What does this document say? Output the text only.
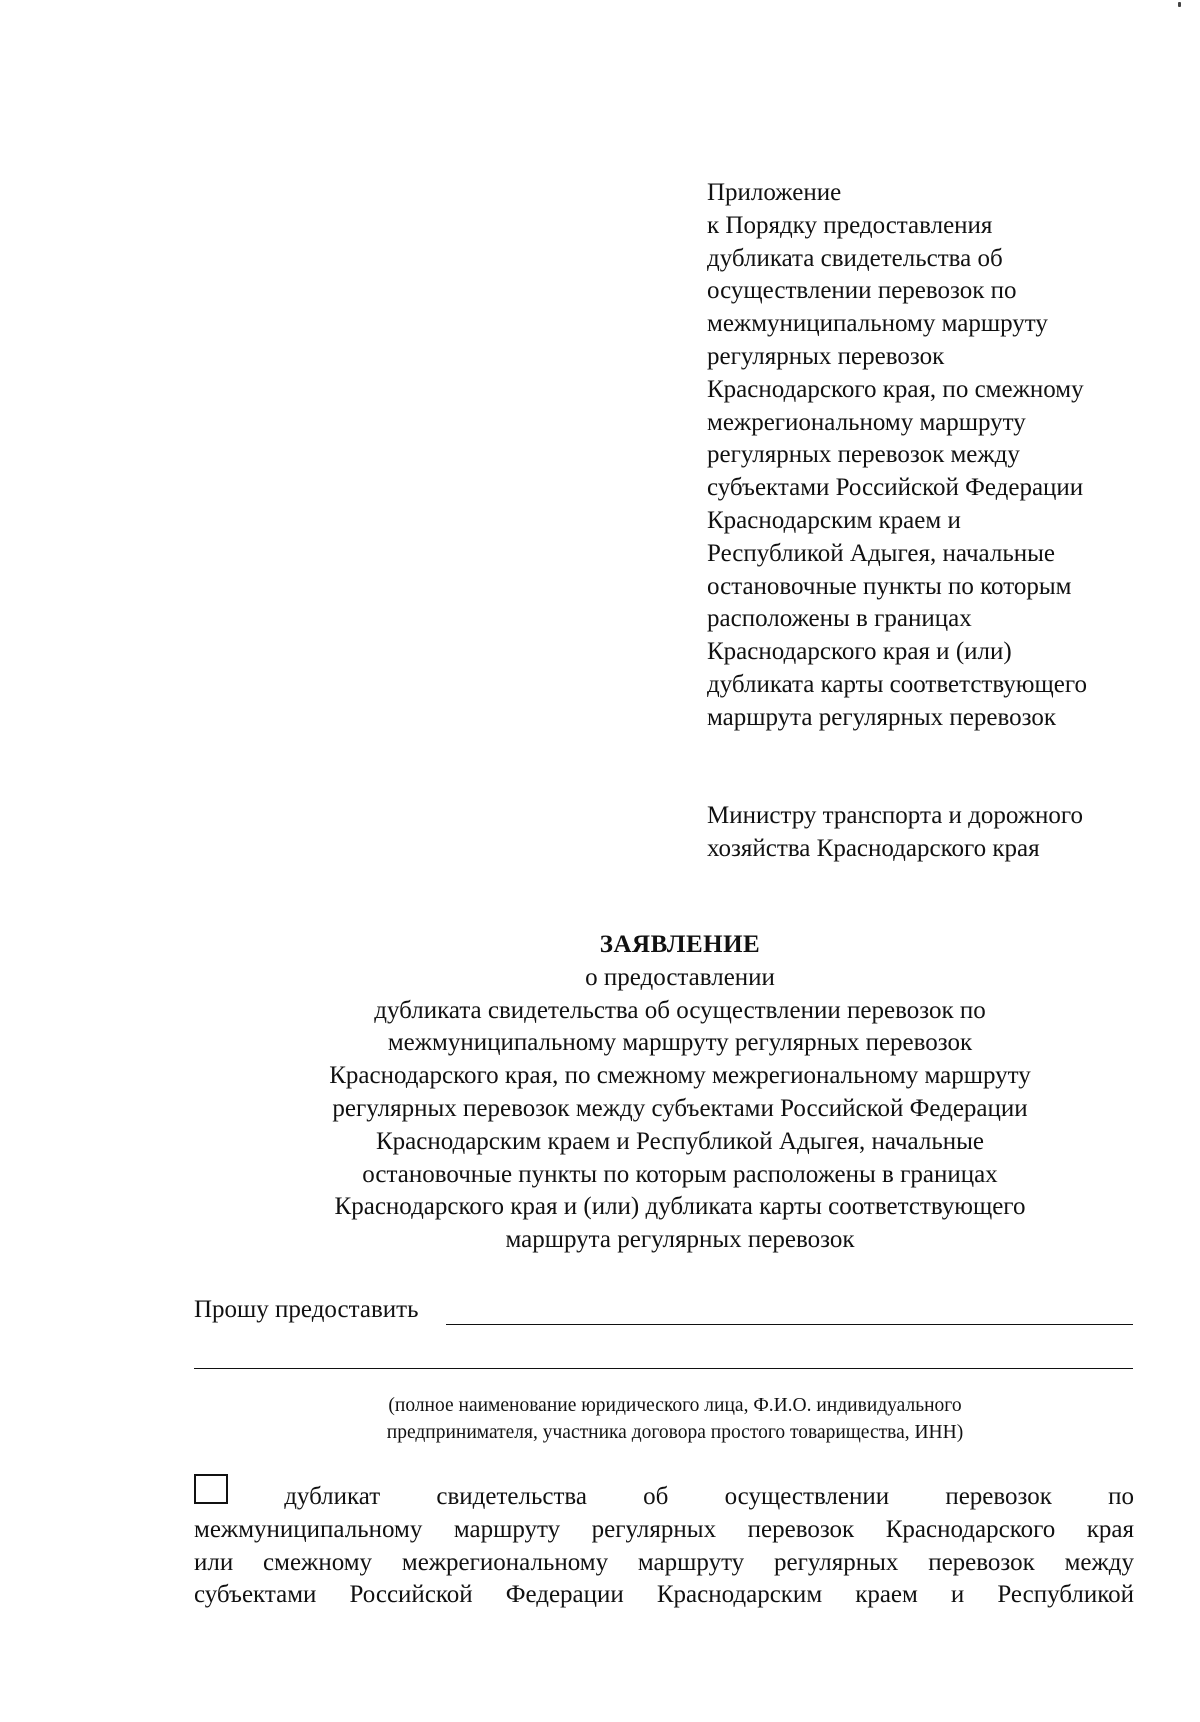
Приложение
к Порядку предоставления
дубликата свидетельства об
осуществлении перевозок по
межмуниципальному маршруту
регулярных перевозок
Краснодарского края, по смежному
межрегиональному маршруту
регулярных перевозок между
субъектами Российской Федерации
Краснодарским краем и
Республикой Адыгея, начальные
остановочные пункты по которым
расположены в границах
Краснодарского края и (или)
дубликата карты соответствующего
маршрута регулярных перевозок
Министру транспорта и дорожного
хозяйства Краснодарского края
ЗАЯВЛЕНИЕ
о предоставлении
дубликата свидетельства об осуществлении перевозок по
межмуниципальному маршруту регулярных перевозок
Краснодарского края, по смежному межрегиональному маршруту
регулярных перевозок между субъектами Российской Федерации
Краснодарским краем и Республикой Адыгея, начальные
остановочные пункты по которым расположены в границах
Краснодарского края и (или) дубликата карты соответствующего
маршрута регулярных перевозок
Прошу предоставить
(полное наименование юридического лица, Ф.И.О. индивидуального
предпринимателя, участника договора простого товарищества, ИНН)
дубликат свидетельства об осуществлении перевозок по
межмуниципальному маршруту регулярных перевозок Краснодарского края
или смежному межрегиональному маршруту регулярных перевозок между
субъектами Российской Федерации Краснодарским краем и Республикой
